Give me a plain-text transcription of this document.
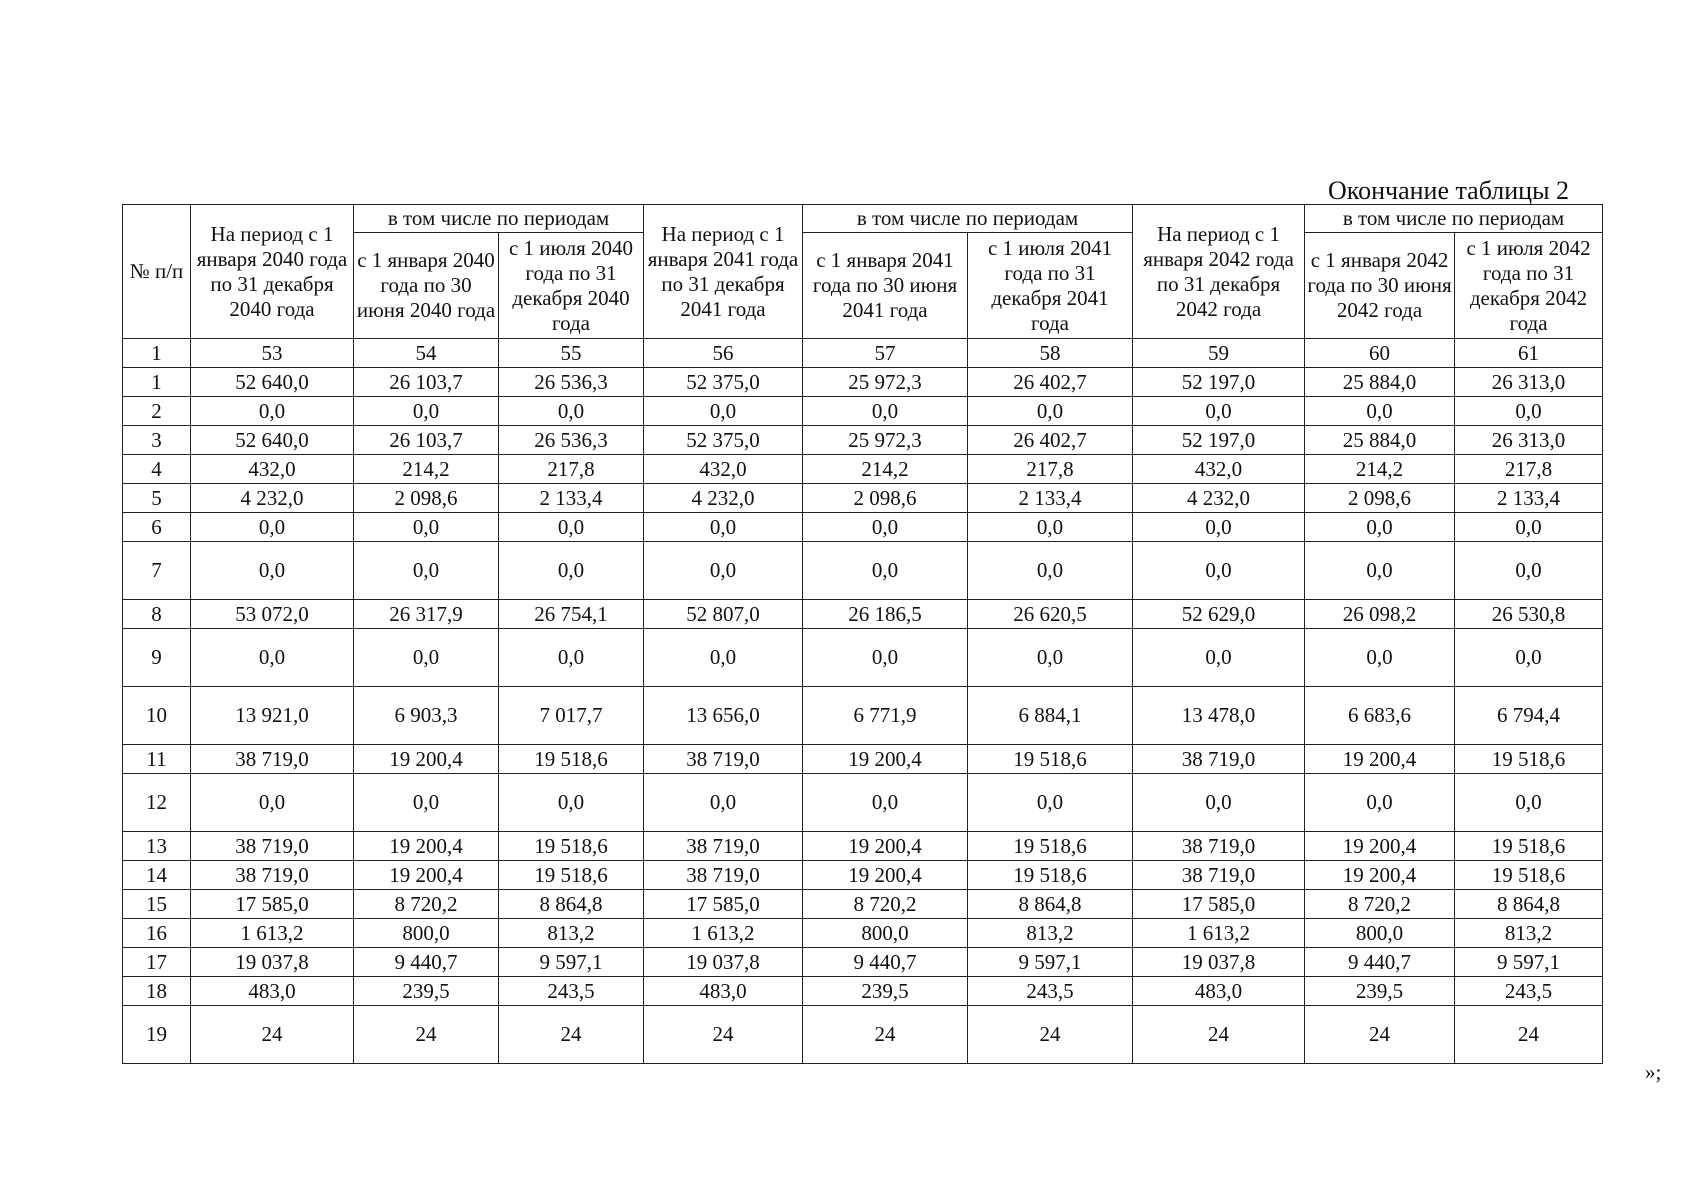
Окончание таблицы 2
№ п/п	На период с 1 января 2040 года по 31 декабря 2040 года	в том числе по периодам		На период с 1 января 2041 года по 31 декабря 2041 года	в том числе по периодам		На период с 1 января 2042 года по 31 декабря 2042 года	в том числе по периодам	
		с 1 января 2040 года по 30 июня 2040 года	с 1 июля 2040 года по 31 декабря 2040 года		с 1 января 2041 года по 30 июня 2041 года	с 1 июля 2041 года по 31 декабря 2041 года		с 1 января 2042 года по 30 июня 2042 года	с 1 июля 2042 года по 31 декабря 2042 года
1	53	54	55	56	57	58	59	60	61
1	52 640,0	26 103,7	26 536,3	52 375,0	25 972,3	26 402,7	52 197,0	25 884,0	26 313,0
2	0,0	0,0	0,0	0,0	0,0	0,0	0,0	0,0	0,0
3	52 640,0	26 103,7	26 536,3	52 375,0	25 972,3	26 402,7	52 197,0	25 884,0	26 313,0
4	432,0	214,2	217,8	432,0	214,2	217,8	432,0	214,2	217,8
5	4 232,0	2 098,6	2 133,4	4 232,0	2 098,6	2 133,4	4 232,0	2 098,6	2 133,4
6	0,0	0,0	0,0	0,0	0,0	0,0	0,0	0,0	0,0
7	0,0	0,0	0,0	0,0	0,0	0,0	0,0	0,0	0,0
8	53 072,0	26 317,9	26 754,1	52 807,0	26 186,5	26 620,5	52 629,0	26 098,2	26 530,8
9	0,0	0,0	0,0	0,0	0,0	0,0	0,0	0,0	0,0
10	13 921,0	6 903,3	7 017,7	13 656,0	6 771,9	6 884,1	13 478,0	6 683,6	6 794,4
11	38 719,0	19 200,4	19 518,6	38 719,0	19 200,4	19 518,6	38 719,0	19 200,4	19 518,6
12	0,0	0,0	0,0	0,0	0,0	0,0	0,0	0,0	0,0
13	38 719,0	19 200,4	19 518,6	38 719,0	19 200,4	19 518,6	38 719,0	19 200,4	19 518,6
14	38 719,0	19 200,4	19 518,6	38 719,0	19 200,4	19 518,6	38 719,0	19 200,4	19 518,6
15	17 585,0	8 720,2	8 864,8	17 585,0	8 720,2	8 864,8	17 585,0	8 720,2	8 864,8
16	1 613,2	800,0	813,2	1 613,2	800,0	813,2	1 613,2	800,0	813,2
17	19 037,8	9 440,7	9 597,1	19 037,8	9 440,7	9 597,1	19 037,8	9 440,7	9 597,1
18	483,0	239,5	243,5	483,0	239,5	243,5	483,0	239,5	243,5
19	24	24	24	24	24	24	24	24	24
»;
